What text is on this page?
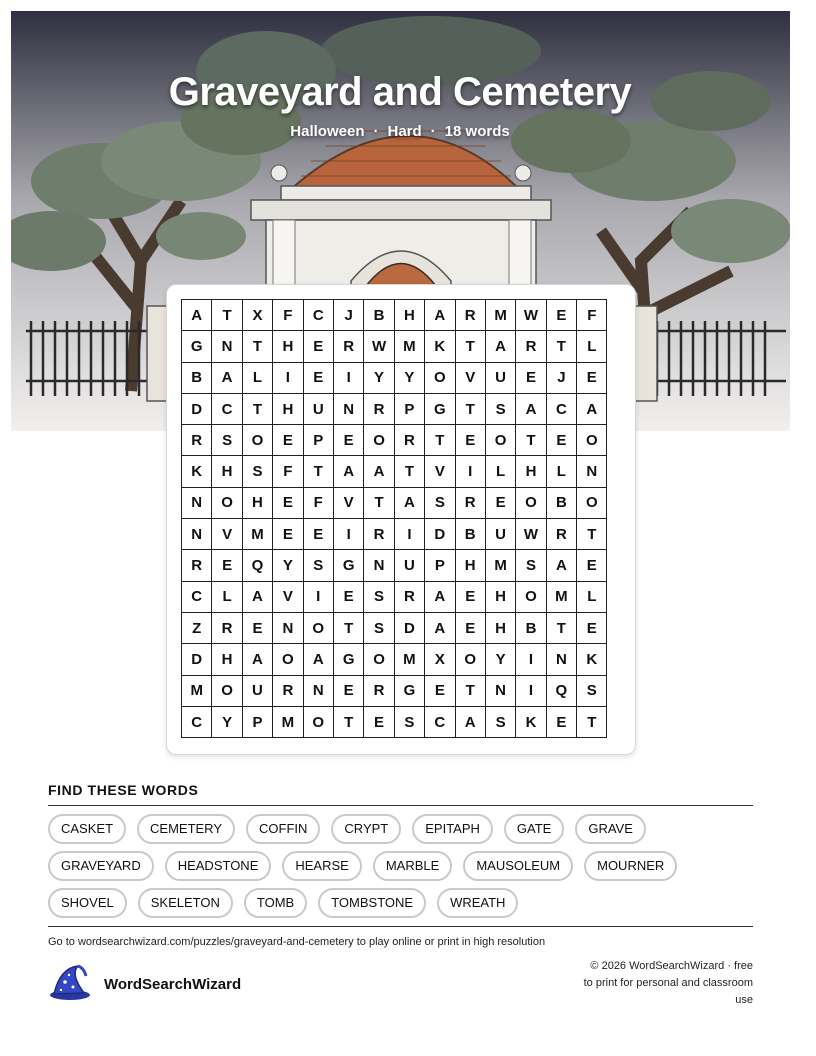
Graveyard and Cemetery
Halloween · Hard · 18 words
A	T	X	F	C	J	B	H	A	R	M	W	E	F
G	N	T	H	E	R	W	M	K	T	A	R	T	L
B	A	L	I	E	I	Y	Y	O	V	U	E	J	E
D	C	T	H	U	N	R	P	G	T	S	A	C	A
R	S	O	E	P	E	O	R	T	E	O	T	E	O
K	H	S	F	T	A	A	T	V	I	L	H	L	N
N	O	H	E	F	V	T	A	S	R	E	O	B	O
N	V	M	E	E	I	R	I	D	B	U	W	R	T
R	E	Q	Y	S	G	N	U	P	H	M	S	A	E
C	L	A	V	I	E	S	R	A	E	H	O	M	L
Z	R	E	N	O	T	S	D	A	E	H	B	T	E
D	H	A	O	A	G	O	M	X	O	Y	I	N	K
M	O	U	R	N	E	R	G	E	T	N	I	Q	S
C	Y	P	M	O	T	E	S	C	A	S	K	E	T
FIND THESE WORDS
CASKET	CEMETERY	COFFIN	CRYPT	EPITAPH	GATE	GRAVE
GRAVEYARD	HEADSTONE	HEARSE	MARBLE	MAUSOLEUM	MOURNER
SHOVEL	SKELETON	TOMB	TOMBSTONE	WREATH
Go to wordsearchwizard.com/puzzles/graveyard-and-cemetery to play online or print in high resolution
WordSearchWizard
© 2026 WordSearchWizard · free to print for personal and classroom use
